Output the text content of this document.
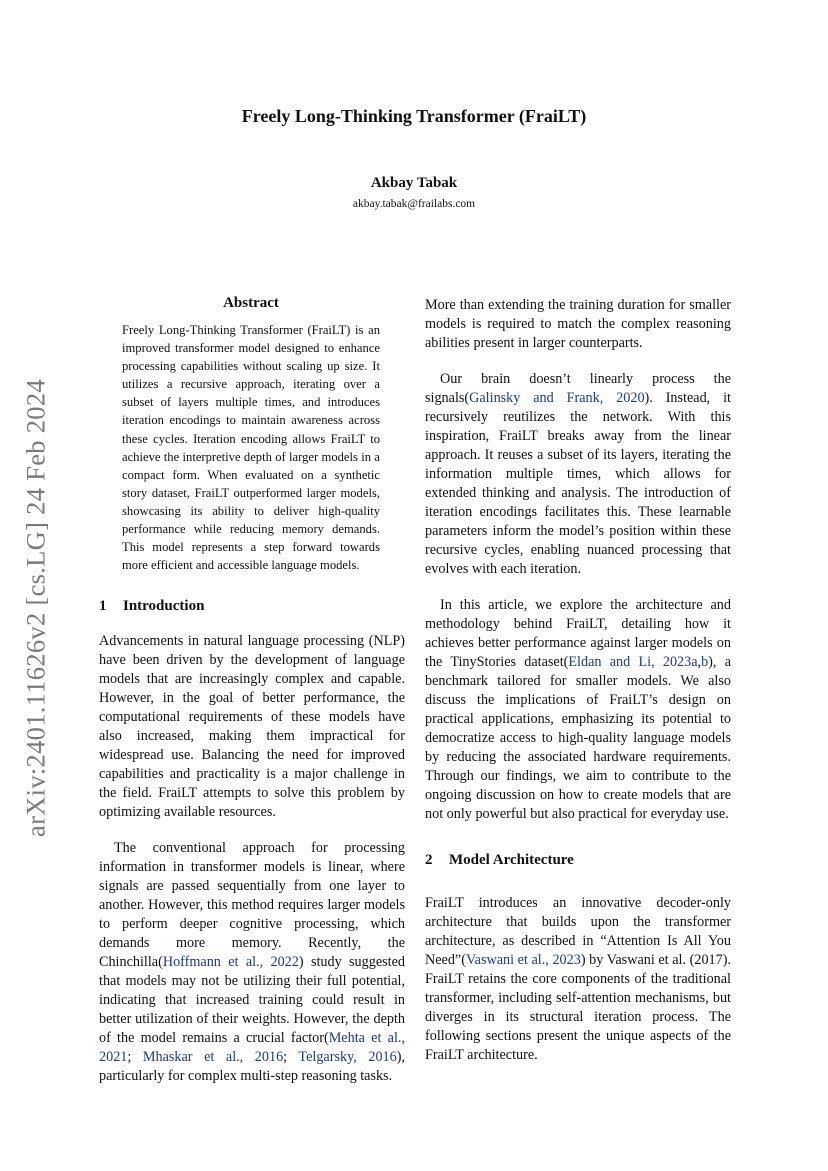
arXiv:2401.11626v2 [cs.LG] 24 Feb 2024
Freely Long-Thinking Transformer (FraiLT)
Akbay Tabak
akbay.tabak@frailabs.com
Abstract

Freely Long-Thinking Transformer (FraiLT) is an improved transformer model designed to enhance processing capabilities without scaling up size. It utilizes a recursive approach, iterating over a subset of layers multiple times, and introduces iteration encodings to maintain awareness across these cycles. Iteration encoding allows FraiLT to achieve the interpretive depth of larger models in a compact form. When evaluated on a synthetic story dataset, FraiLT outperformed larger models, showcasing its ability to deliver high-quality performance while reducing memory demands. This model represents a step forward towards more efficient and accessible language models.

1 Introduction

Advancements in natural language processing (NLP) have been driven by the development of language models that are increasingly complex and capable. However, in the goal of better performance, the computational requirements of these models have also increased, making them impractical for widespread use. Balancing the need for improved capabilities and practicality is a major challenge in the field. FraiLT attempts to solve this problem by optimizing available resources.

The conventional approach for processing information in transformer models is linear, where signals are passed sequentially from one layer to another. However, this method requires larger models to perform deeper cognitive processing, which demands more memory. Recently, the Chinchilla(Hoffmann et al., 2022) study suggested that models may not be utilizing their full potential, indicating that increased training could result in better utilization of their weights. However, the depth of the model remains a crucial factor(Mehta et al., 2021; Mhaskar et al., 2016; Telgarsky, 2016), particularly for complex multi-step reasoning tasks.

More than extending the training duration for smaller models is required to match the complex reasoning abilities present in larger counterparts.

Our brain doesn’t linearly process the signals(Galinsky and Frank, 2020). Instead, it recursively reutilizes the network. With this inspiration, FraiLT breaks away from the linear approach. It reuses a subset of its layers, iterating the information multiple times, which allows for extended thinking and analysis. The introduction of iteration encodings facilitates this. These learnable parameters inform the model’s position within these recursive cycles, enabling nuanced processing that evolves with each iteration.

In this article, we explore the architecture and methodology behind FraiLT, detailing how it achieves better performance against larger models on the TinyStories dataset(Eldan and Li, 2023a,b), a benchmark tailored for smaller models. We also discuss the implications of FraiLT’s design on practical applications, emphasizing its potential to democratize access to high-quality language models by reducing the associated hardware requirements. Through our findings, we aim to contribute to the ongoing discussion on how to create models that are not only powerful but also practical for everyday use.

2 Model Architecture

FraiLT introduces an innovative decoder-only architecture that builds upon the transformer architecture, as described in “Attention Is All You Need”(Vaswani et al., 2023) by Vaswani et al. (2017). FraiLT retains the core components of the traditional transformer, including self-attention mechanisms, but diverges in its structural iteration process. The following sections present the unique aspects of the FraiLT architecture.
